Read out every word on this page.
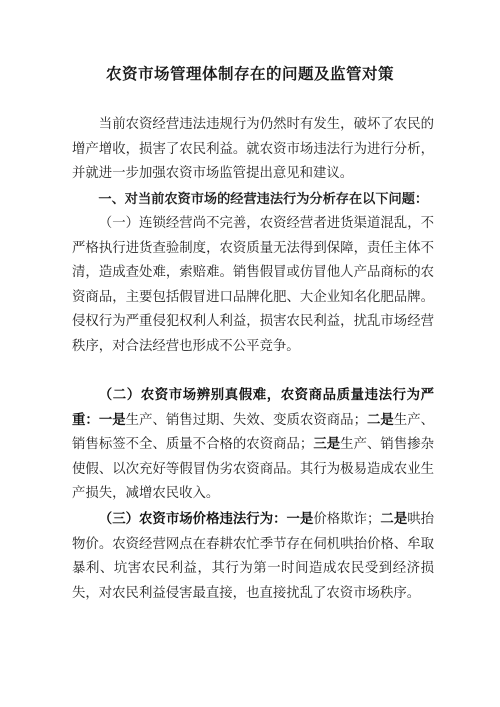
农资市场管理体制存在的问题及监管对策

当前农资经营违法违规行为仍然时有发生，破坏了农民的增产增收，损害了农民利益。就农资市场违法行为进行分析，并就进一步加强农资市场监管提出意见和建议。

一、对当前农资市场的经营违法行为分析存在以下问题：

（一）连锁经营尚不完善，农资经营者进货渠道混乱，不严格执行进货查验制度，农资质量无法得到保障，责任主体不清，造成查处难，索赔难。销售假冒或仿冒他人产品商标的农资商品，主要包括假冒进口品牌化肥、大企业知名化肥品牌。侵权行为严重侵犯权利人利益，损害农民利益，扰乱市场经营秩序，对合法经营也形成不公平竞争。

（二）农资市场辨别真假难，农资商品质量违法行为严重：一是生产、销售过期、失效、变质农资商品；二是生产、销售标签不全、质量不合格的农资商品；三是生产、销售掺杂使假、以次充好等假冒伪劣农资商品。其行为极易造成农业生产损失，减增农民收入。

（三）农资市场价格违法行为：一是价格欺诈；二是哄抬物价。农资经营网点在春耕农忙季节存在伺机哄抬价格、牟取暴利、坑害农民利益，其行为第一时间造成农民受到经济损失，对农民利益侵害最直接，也直接扰乱了农资市场秩序。
